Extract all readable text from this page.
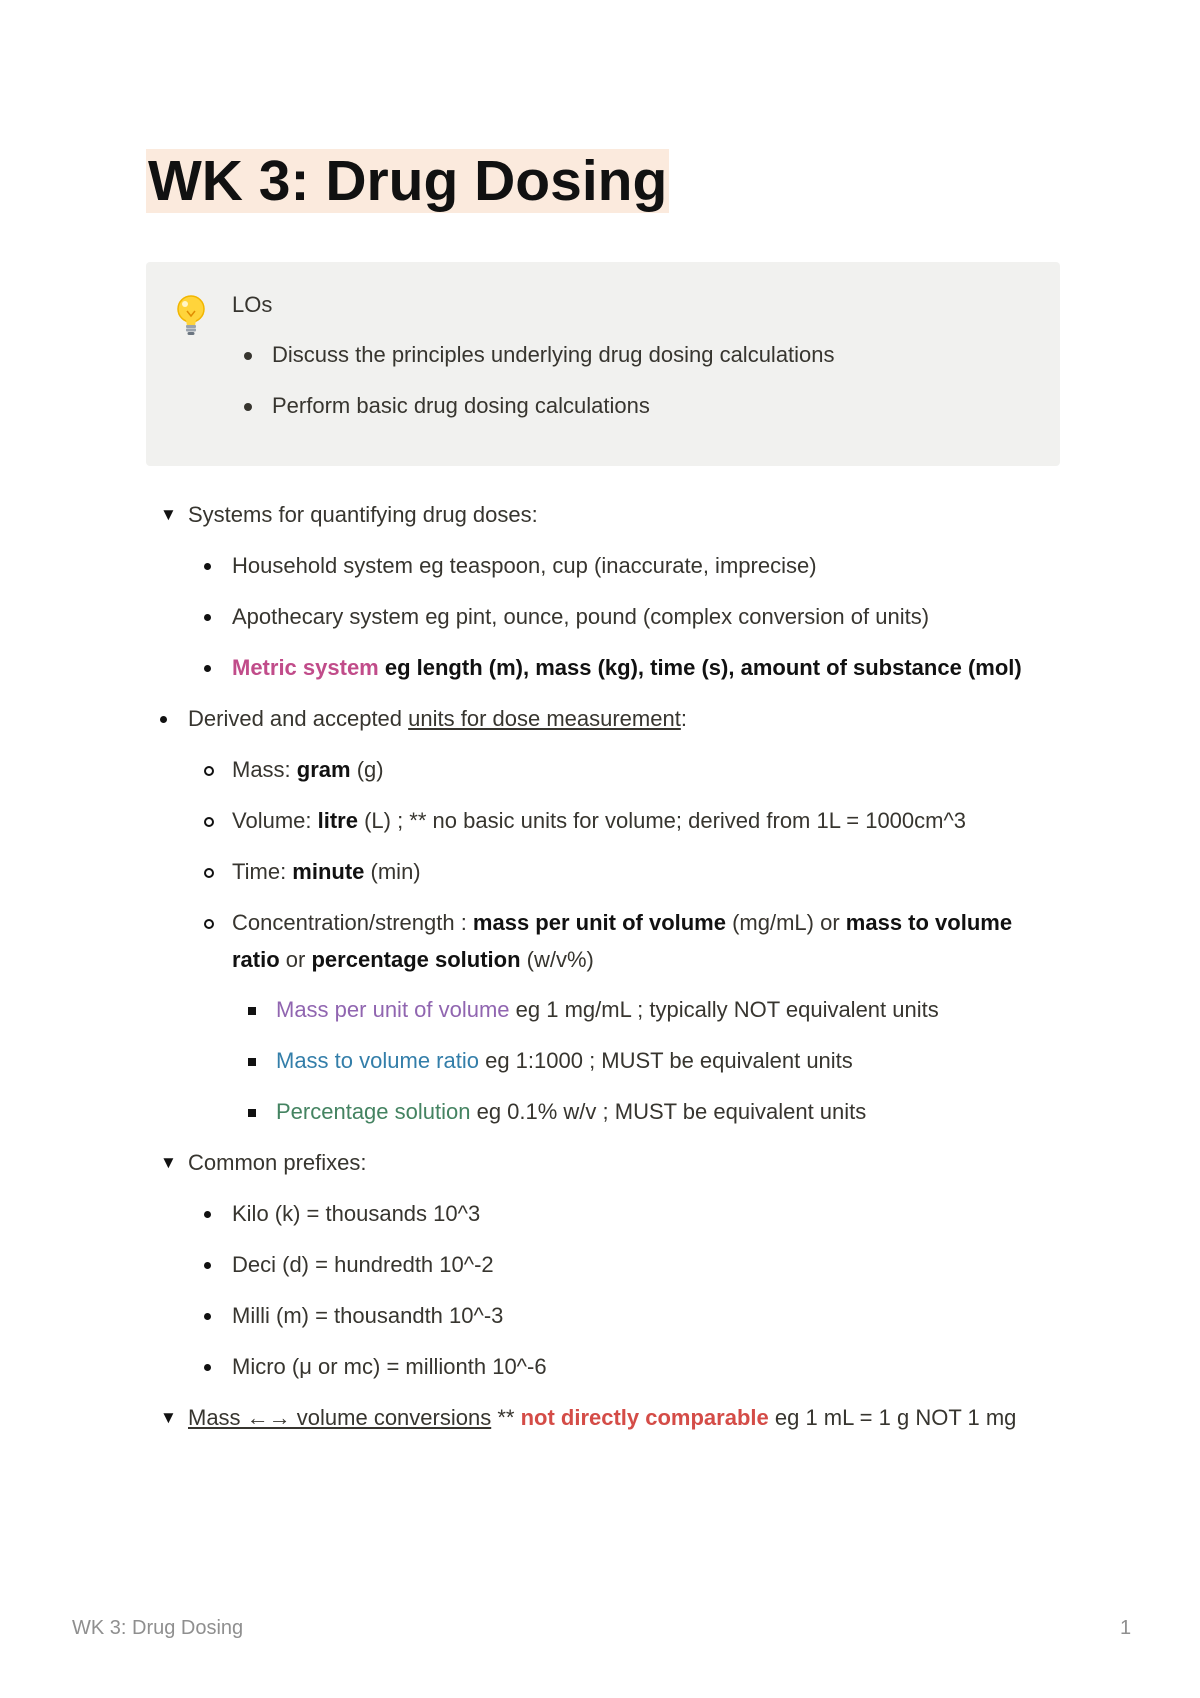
WK 3: Drug Dosing
LOs
Discuss the principles underlying drug dosing calculations
Perform basic drug dosing calculations
▼ Systems for quantifying drug doses:
Household system eg teaspoon, cup (inaccurate, imprecise)
Apothecary system eg pint, ounce, pound (complex conversion of units)
Metric system eg length (m), mass (kg), time (s), amount of substance (mol)
Derived and accepted units for dose measurement:
Mass: gram (g)
Volume: litre (L) ; ** no basic units for volume; derived from 1L = 1000cm^3
Time: minute (min)
Concentration/strength : mass per unit of volume (mg/mL) or mass to volume ratio or percentage solution (w/v%)
Mass per unit of volume eg 1 mg/mL ; typically NOT equivalent units
Mass to volume ratio eg 1:1000 ; MUST be equivalent units
Percentage solution eg 0.1% w/v ; MUST be equivalent units
▼ Common prefixes:
Kilo (k) = thousands 10^3
Deci (d) = hundredth 10^-2
Milli (m) = thousandth 10^-3
Micro (μ or mc) = millionth 10^-6
▼ Mass ←→ volume conversions ** not directly comparable eg 1 mL = 1 g NOT 1 mg
WK 3: Drug Dosing	1
